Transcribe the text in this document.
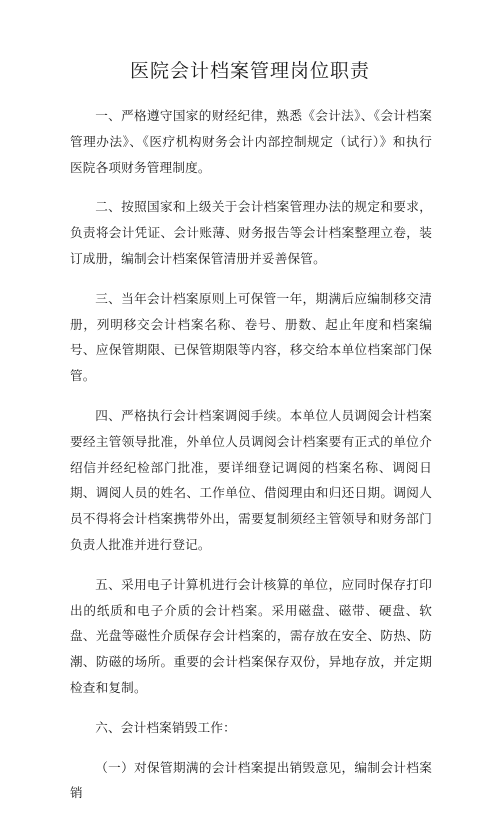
医院会计档案管理岗位职责

一、严格遵守国家的财经纪律，熟悉《会计法》、《会计档案管理办法》、《医疗机构财务会计内部控制规定（试行）》和执行医院各项财务管理制度。

二、按照国家和上级关于会计档案管理办法的规定和要求，负责将会计凭证、会计账薄、财务报告等会计档案整理立卷，装订成册，编制会计档案保管清册并妥善保管。

三、当年会计档案原则上可保管一年，期满后应编制移交清册，列明移交会计档案名称、卷号、册数、起止年度和档案编号、应保管期限、已保管期限等内容，移交给本单位档案部门保管。

四、严格执行会计档案调阅手续。本单位人员调阅会计档案要经主管领导批准，外单位人员调阅会计档案要有正式的单位介绍信并经纪检部门批准，要详细登记调阅的档案名称、调阅日期、调阅人员的姓名、工作单位、借阅理由和归还日期。调阅人员不得将会计档案携带外出，需要复制须经主管领导和财务部门负责人批准并进行登记。

五、采用电子计算机进行会计核算的单位，应同时保存打印出的纸质和电子介质的会计档案。采用磁盘、磁带、硬盘、软盘、光盘等磁性介质保存会计档案的，需存放在安全、防热、防潮、防磁的场所。重要的会计档案保存双份，异地存放，并定期检查和复制。

六、会计档案销毁工作：

（一）对保管期满的会计档案提出销毁意见，编制会计档案销
